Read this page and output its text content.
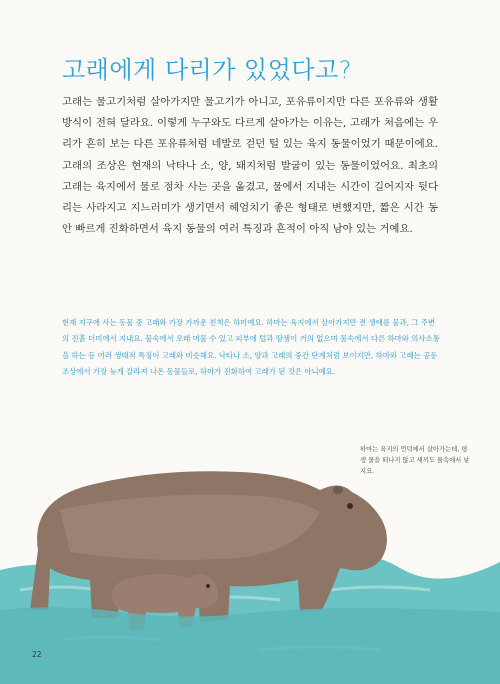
고래에게 다리가 있었다고?

고래는 물고기처럼 살아가지만 물고기가 아니고, 포유류이지만 다른 포유류와 생활 방식이 전혀 달라요. 이렇게 누구와도 다르게 살아가는 이유는, 고래가 처음에는 우리가 흔히 보는 다른 포유류처럼 네발로 걷던 털 있는 육지 동물이었기 때문이에요. 고래의 조상은 현재의 낙타나 소, 양, 돼지처럼 발굽이 있는 동물이었어요. 최초의 고래는 육지에서 물로 점차 사는 곳을 옮겼고, 물에서 지내는 시간이 길어지자 뒷다리는 사라지고 지느러미가 생기면서 헤엄치기 좋은 형태로 변했지만, 짧은 시간 동안 빠르게 진화하면서 육지 동물의 여러 특징과 흔적이 아직 남아 있는 거예요.

현재 지구에 사는 동물 중 고래와 가장 가까운 친척은 하마예요. 하마는 육지에서 살아가지만 전 생애를 물과, 그 주변의 진흙 더미에서 지내요. 물속에서 오래 머물 수 있고 피부에 털과 땀샘이 거의 없으며 물속에서 다른 하마와 의사소통을 하는 등 여러 생태적 특징이 고래와 비슷해요. 낙타나 소, 양과 고래의 중간 단계처럼 보이지만, 하마와 고래는 공동 조상에서 가장 늦게 갈라져 나온 동물들로, 하마가 진화하여 고래가 된 것은 아니예요.

하마는 육지의 언덕에서 살아가는데, 평생 물을 떠나지 않고 새끼도 물속에서 낳지요.

22
